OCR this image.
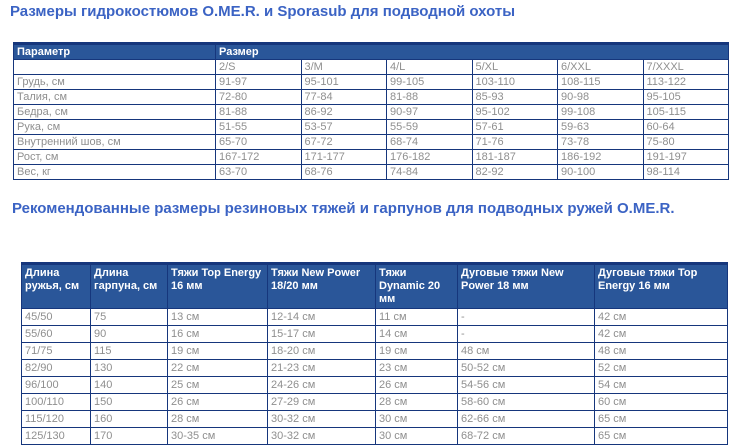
Размеры гидрокостюмов O.ME.R. и Sporasub для подводной охоты
Параметр	Размер					
	2/S	3/M	4/L	5/XL	6/XXL	7/XXXL
Грудь, см	91-97	95-101	99-105	103-110	108-115	113-122
Талия, см	72-80	77-84	81-88	85-93	90-98	95-105
Бедра, см	81-88	86-92	90-97	95-102	99-108	105-115
Рука, см	51-55	53-57	55-59	57-61	59-63	60-64
Внутренний шов, см	65-70	67-72	68-74	71-76	73-78	75-80
Рост, см	167-172	171-177	176-182	181-187	186-192	191-197
Вес, кг	63-70	68-76	74-84	82-92	90-100	98-114
Рекомендованные размеры резиновых тяжей и гарпунов для подводных ружей O.ME.R.
Длина ружья, см	Длина гарпуна, см	Тяжи Top Energy 16 мм	Тяжи New Power 18/20 мм	Тяжи Dynamic 20 мм	Дуговые тяжи New Power 18 мм	Дуговые тяжи Top Energy 16 мм
45/50	75	13 см	12-14 см	11 см	-	42 см
55/60	90	16 см	15-17 см	14 см	-	42 см
71/75	115	19 см	18-20 см	19 см	48 см	48 см
82/90	130	22 см	21-23 см	23 см	50-52 см	52 см
96/100	140	25 см	24-26 см	26 см	54-56 см	54 см
100/110	150	26 см	27-29 см	28 см	58-60 см	60 см
115/120	160	28 см	30-32 см	30 см	62-66 см	65 см
125/130	170	30-35 см	30-32 см	30 см	68-72 см	65 см
